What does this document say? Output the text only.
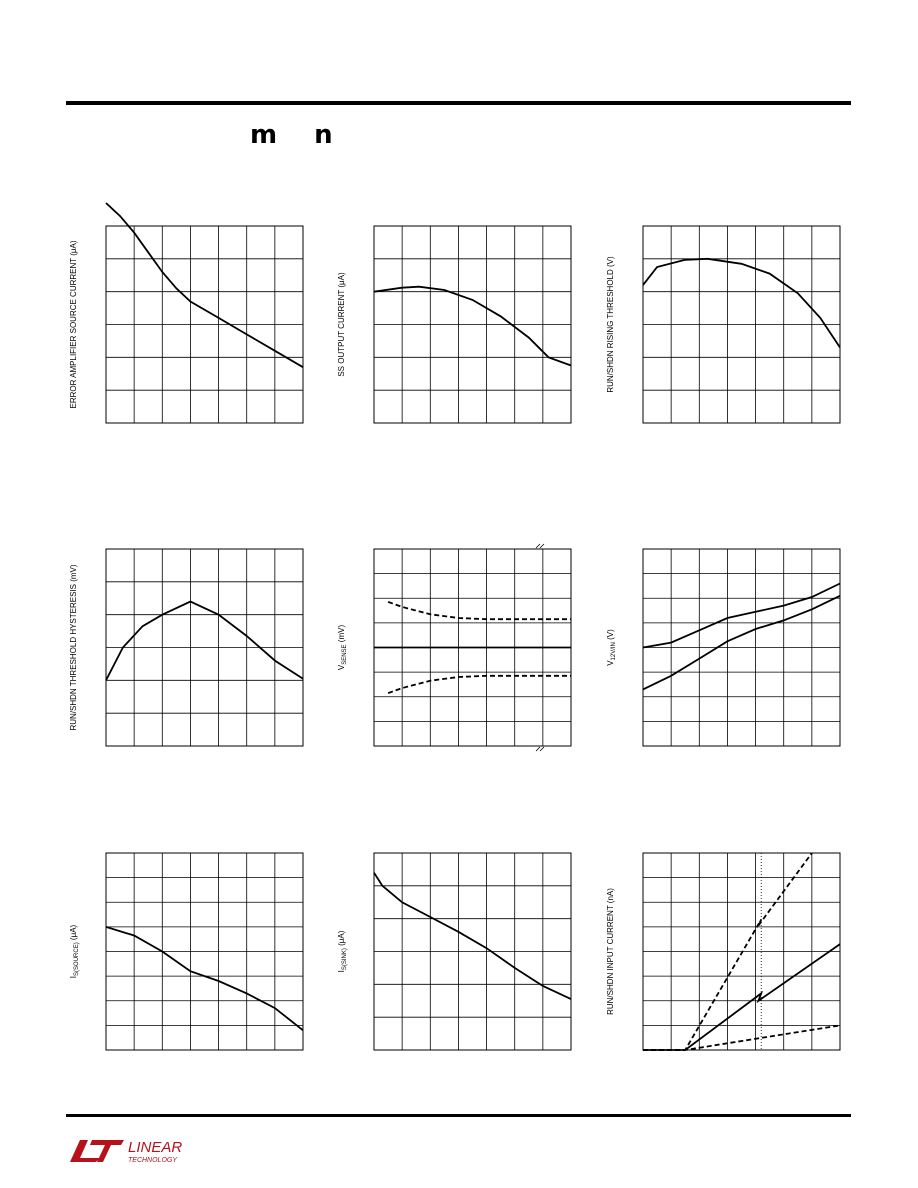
m n
ERROR AMPLIFIER SOURCE CURRENT (μA)	SS OUTPUT CURRENT (μA)	RUN/SHDN RISING THRESHOLD (V)
RUN/SHDN THRESHOLD HYSTERESIS (mV)	$V_{SENSE}$ (mV)
$V_{12V/IN}$ (V)
$I_{S(SOURCE)}$ (μA)
$I_{S(SINK)}$ (μA)	RUN/SHDN INPUT CURRENT (nA)
LINEAR
TECHNOLOGY
